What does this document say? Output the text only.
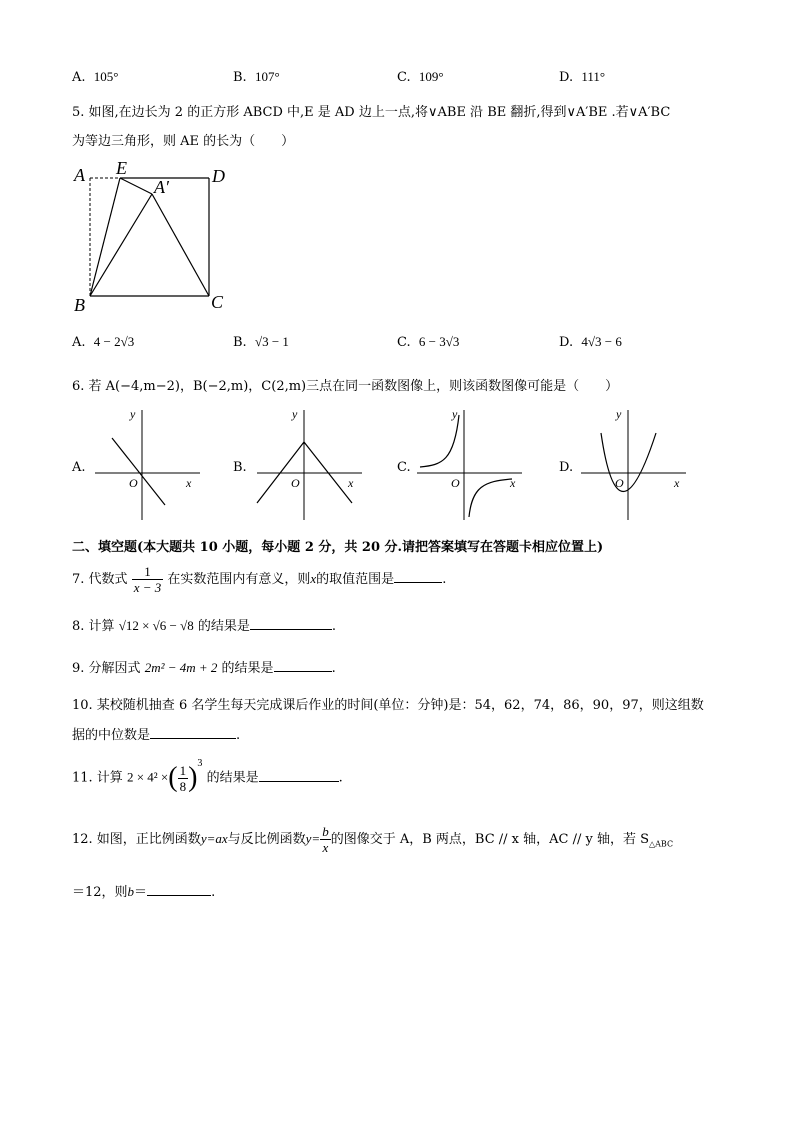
A. 105°	B. 107°	C. 109°	D. 111°
5. 如图,在边长为 2 的正方形 ABCD 中,E 是 AD 边上一点,将∨ABE 沿 BE 翻折,得到∨A′BE .若∨A′BC
为等边三角形，则 AE 的长为（　　）
A E	D
A′
B	C
A. 4 − 2√3	B. √3 − 1	C. 6 − 3√3	D. 4√3 − 6
6. 若 A(−4,m−2)，B(−2,m)，C(2,m)三点在同一函数图像上，则该函数图像可能是（　　）
A.
y
x
O
B.
y
x
O
C.
y
x
O
D.
y
x
O
二、填空题(本大题共 10 小题，每小题 2 分，共 20 分.请把答案填写在答题卡相应位置上)
7. 代数式 $\frac{1}{x - 3}$ 在实数范围内有意义，则x的取值范围是	.
8. 计算 √12 × √6 − √8 的结果是	.
9. 分解因式 2m² − 4m + 2 的结果是	.
10. 某校随机抽查 6 名学生每天完成课后作业的时间(单位：分钟)是：54，62，74，86，90，97，则这组数
据的中位数是	.
11. 计算 2 × 4² ×( $\frac{1}{8} )^3$ 的结果是	.
12. 如图，正比例函数y=ax与反比例函数$y= \frac{b}{x}$ 的图像交于 A，B 两点，BC // x 轴，AC // y 轴，若 $S_{\triangle ABC}$
＝12，则b＝	.
